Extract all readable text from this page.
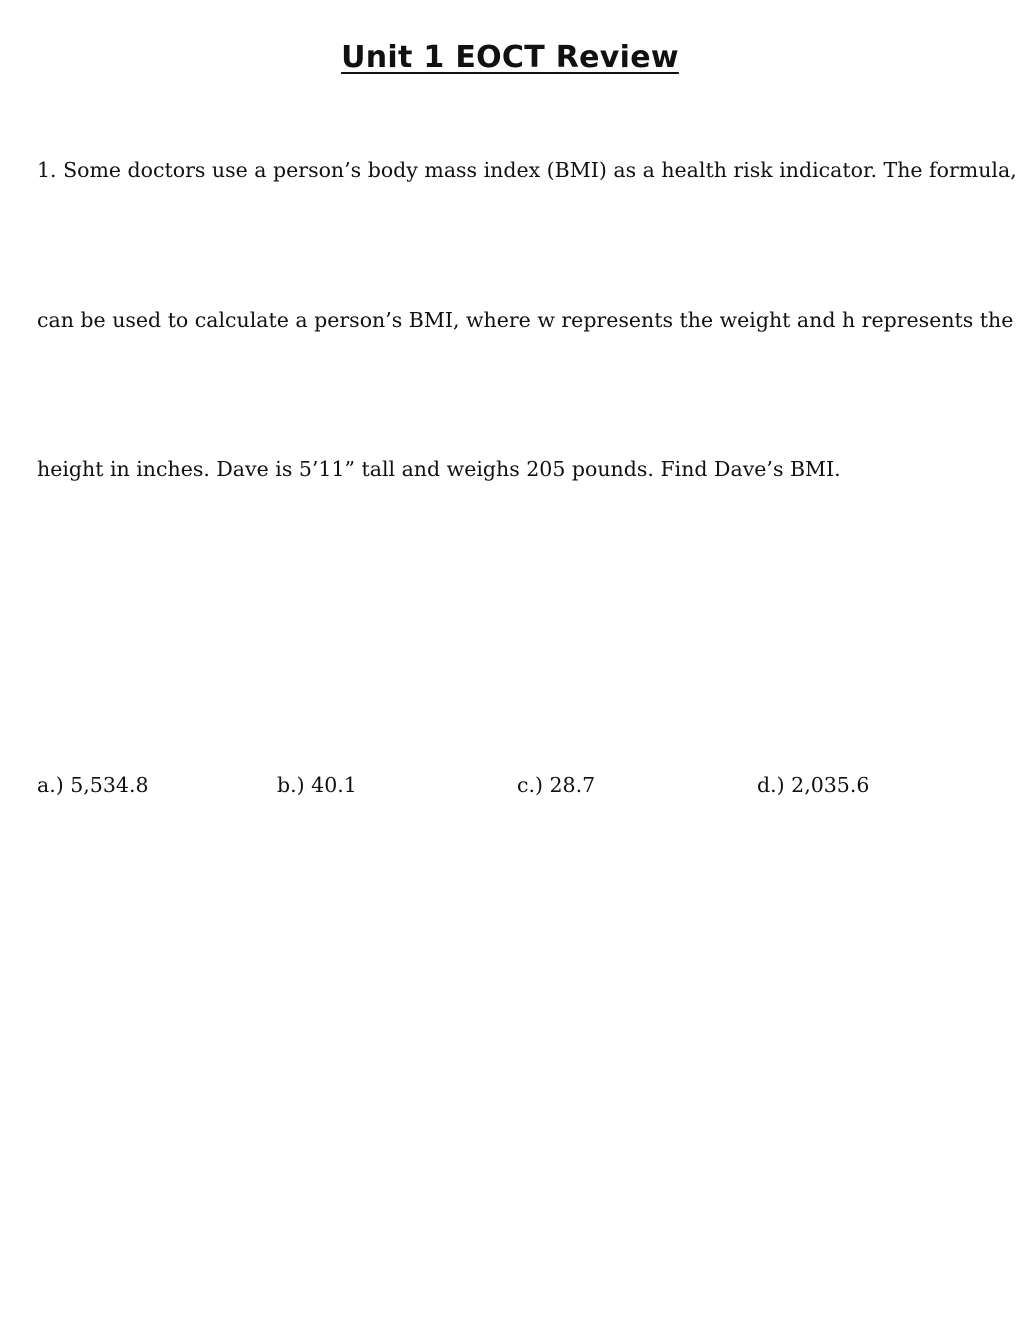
Unit 1 EOCT Review
1. Some doctors use a person’s body mass index (BMI) as a health risk indicator. The formula,
can be used to calculate a person’s BMI, where w represents the weight and h represents the
height in inches. Dave is 5’11” tall and weighs 205 pounds. Find Dave’s BMI.
a.) 5,534.8	b.) 40.1	c.) 28.7	d.) 2,035.6
